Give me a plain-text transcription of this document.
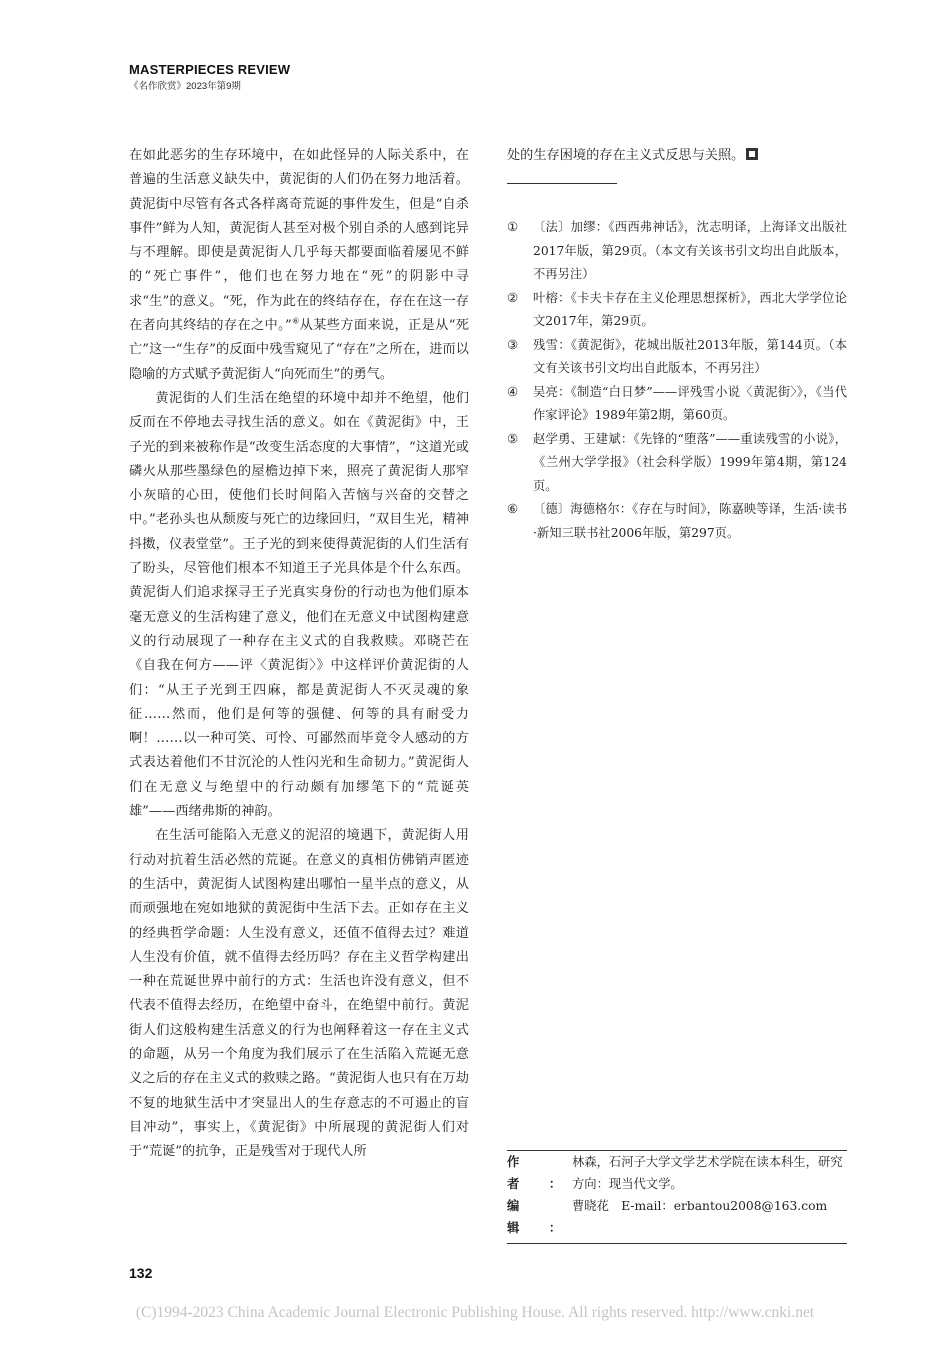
MASTERPIECES REVIEW
《名作欣赏》2023年第9期

在如此恶劣的生存环境中，在如此怪异的人际关系中，在普遍的生活意义缺失中，黄泥街的人们仍在努力地活着。黄泥街中尽管有各式各样离奇荒诞的事件发生，但是“自杀事件”鲜为人知，黄泥街人甚至对极个别自杀的人感到诧异与不理解。即使是黄泥街人几乎每天都要面临着屡见不鲜的“死亡事件”，他们也在努力地在“死”的阴影中寻求“生”的意义。“死，作为此在的终结存在，存在在这一存在者向其终结的存在之中。”⑥从某些方面来说，正是从“死亡”这一“生存”的反面中残雪窥见了“存在”之所在，进而以隐喻的方式赋予黄泥街人“向死而生”的勇气。

黄泥街的人们生活在绝望的环境中却并不绝望，他们反而在不停地去寻找生活的意义。如在《黄泥街》中，王子光的到来被称作是“改变生活态度的大事情”，“这道光或磷火从那些墨绿色的屋檐边掉下来，照亮了黄泥街人那窄小灰暗的心田，使他们长时间陷入苦恼与兴奋的交替之中。”老孙头也从颓废与死亡的边缘回归，“双目生光，精神抖擞，仪表堂堂”。王子光的到来使得黄泥街的人们生活有了盼头，尽管他们根本不知道王子光具体是个什么东西。黄泥街人们追求探寻王子光真实身份的行动也为他们原本毫无意义的生活构建了意义，他们在无意义中试图构建意义的行动展现了一种存在主义式的自我救赎。邓晓芒在《自我在何方——评〈黄泥街〉》中这样评价黄泥街的人们：“从王子光到王四麻，都是黄泥街人不灭灵魂的象征……然而，他们是何等的强健、何等的具有耐受力啊！……以一种可笑、可怜、可鄙然而毕竟令人感动的方式表达着他们不甘沉沦的人性闪光和生命韧力。”黄泥街人们在无意义与绝望中的行动颇有加缪笔下的“荒诞英雄”——西绪弗斯的神韵。

在生活可能陷入无意义的泥沼的境遇下，黄泥街人用行动对抗着生活必然的荒诞。在意义的真相仿佛销声匿迹的生活中，黄泥街人试图构建出哪怕一星半点的意义，从而顽强地在宛如地狱的黄泥街中生活下去。正如存在主义的经典哲学命题：人生没有意义，还值不值得去过？难道人生没有价值，就不值得去经历吗？存在主义哲学构建出一种在荒诞世界中前行的方式：生活也许没有意义，但不代表不值得去经历，在绝望中奋斗，在绝望中前行。黄泥街人们这般构建生活意义的行为也阐释着这一存在主义式的命题，从另一个角度为我们展示了在生活陷入荒诞无意义之后的存在主义式的救赎之路。“黄泥街人也只有在万劫不复的地狱生活中才突显出人的生存意志的不可遏止的盲目冲动”，事实上，《黄泥街》中所展现的黄泥街人们对于“荒诞”的抗争，正是残雪对于现代人所

处的生存困境的存在主义式反思与关照。

①	〔法〕加缪：《西西弗神话》，沈志明译，上海译文出版社2017年版，第29页。（本文有关该书引文均出自此版本，不再另注）
②	叶榕：《卡夫卡存在主义伦理思想探析》，西北大学学位论文2017年，第29页。
③	残雪：《黄泥街》，花城出版社2013年版，第144页。（本文有关该书引文均出自此版本，不再另注）
④	吴亮：《制造“白日梦”——评残雪小说〈黄泥街〉》，《当代作家评论》1989年第2期，第60页。
⑤	赵学勇、王建斌：《先锋的“堕落”——重读残雪的小说》，《兰州大学学报》（社会科学版）1999年第4期，第124页。
⑥	〔德〕海德格尔：《存在与时间》，陈嘉映等译，生活·读书·新知三联书社2006年版，第297页。
作者：
林森，石河子大学文学艺术学院在读本科生，研究方向：现当代文学。
编辑：
曹晓花　E-mail：erbantou2008@163.com
132
(C)1994-2023 China Academic Journal Electronic Publishing House. All rights reserved. http://www.cnki.net
